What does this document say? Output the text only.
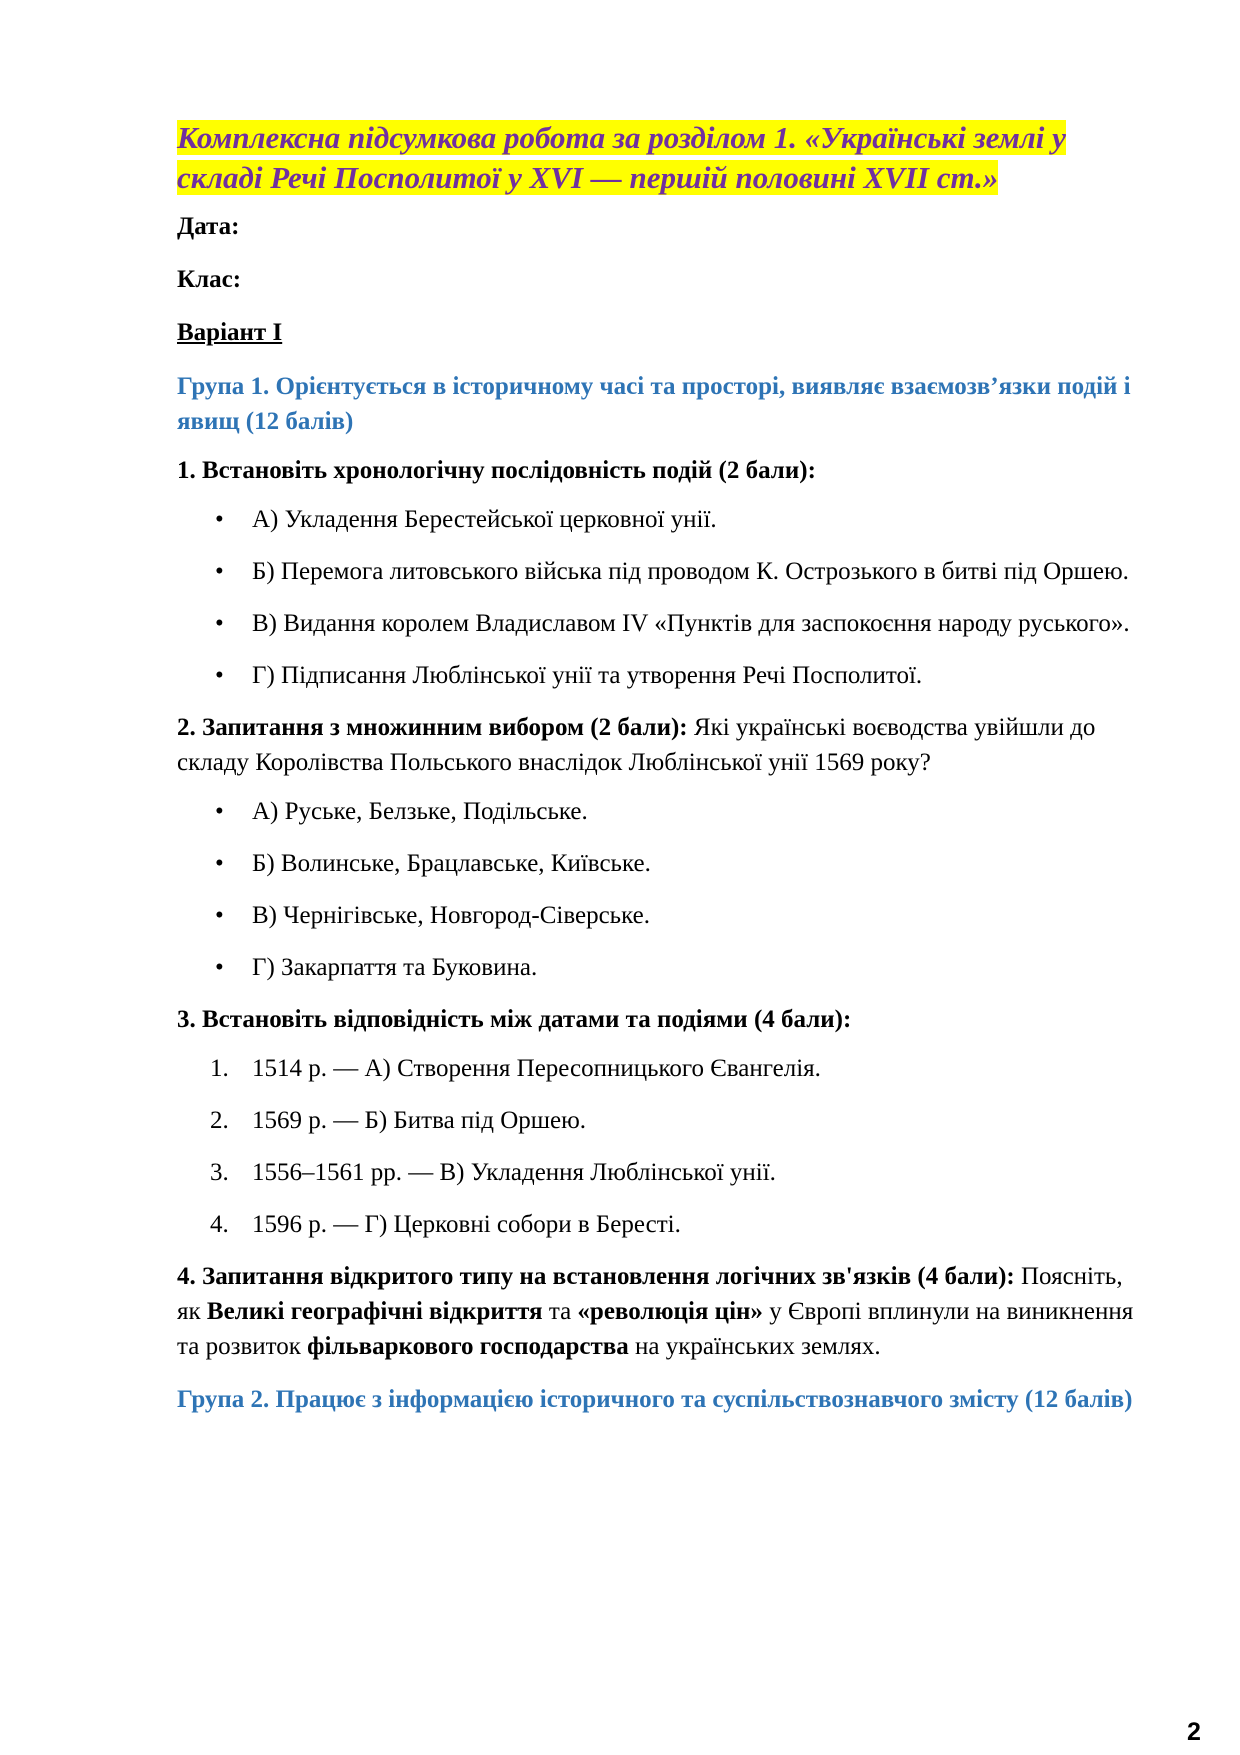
Комплексна підсумкова робота за розділом 1. «Українські землі у складі Речі Посполитої у XVI — першій половині XVII ст.»

Дата:

Клас:

Варіант І

Група 1. Орієнтується в історичному часі та просторі, виявляє взаємозв’язки подій і явищ (12 балів)

1. Встановіть хронологічну послідовність подій (2 бали):

•	А) Укладення Берестейської церковної унії.
•	Б) Перемога литовського війська під проводом К. Острозького в битві під Оршею.
•	В) Видання королем Владиславом IV «Пунктів для заспокоєння народу руського».
•	Г) Підписання Люблінської унії та утворення Речі Посполитої.

2. Запитання з множинним вибором (2 бали): Які українські воєводства увійшли до складу Королівства Польського внаслідок Люблінської унії 1569 року?

•	А) Руське, Белзьке, Подільське.
•	Б) Волинське, Брацлавське, Київське.
•	В) Чернігівське, Новгород-Сіверське.
•	Г) Закарпаття та Буковина.

3. Встановіть відповідність між датами та подіями (4 бали):

1. 1514 р. — А) Створення Пересопницького Євангелія.
2. 1569 р. — Б) Битва під Оршею.
3. 1556–1561 рр. — В) Укладення Люблінської унії.
4. 1596 р. — Г) Церковні собори в Бересті.

4. Запитання відкритого типу на встановлення логічних зв'язків (4 бали): Поясніть, як Великі географічні відкриття та «революція цін» у Європі вплинули на виникнення та розвиток фільваркового господарства на українських землях.

Група 2. Працює з інформацією історичного та суспільствознавчого змісту (12 балів)

2
